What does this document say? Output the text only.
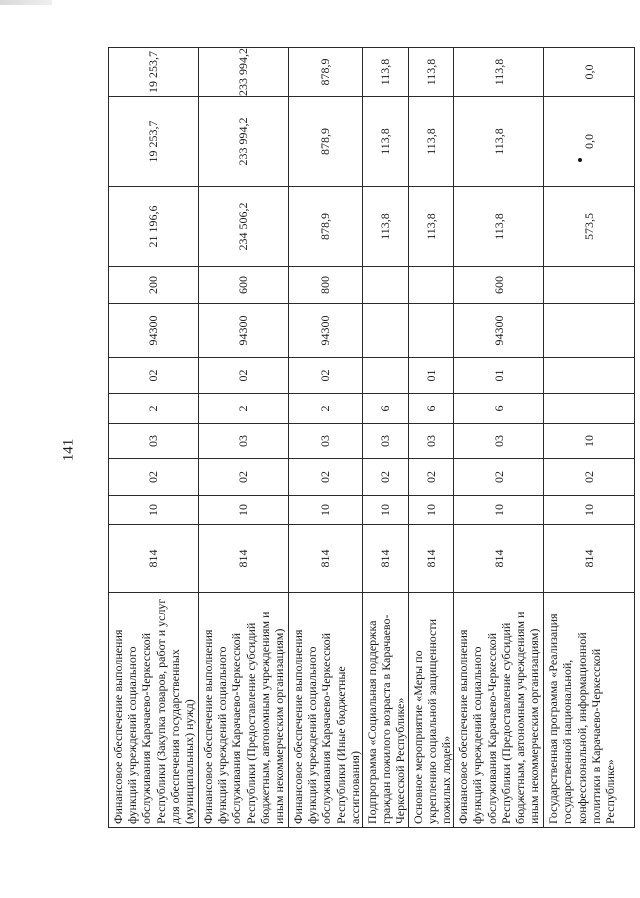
141
Финансовое обеспечение выполнения функций учреждений социального обслуживания Карачаево-Черкесской Республики (Закупка товаров, работ и услуг для обеспечения государственных (муниципальных) нужд)	814	10	02	03	2	02	94300	200	21 196,6	19 253,7	19 253,7
Финансовое обеспечение выполнения функций учреждений социального обслуживания Карачаево-Черкесской Республики (Предоставление субсидий бюджетным, автономным учреждениям и иным некоммерческим организациям)	814	10	02	03	2	02	94300	600	234 506,2	233 994,2	233 994,2
Финансовое обеспечение выполнения функций учреждений социального обслуживания Карачаево-Черкесской Республики (Иные бюджетные ассигнования)	814	10	02	03	2	02	94300	800	878,9	878,9	878,9
Подпрограмма «Социальная поддержка граждан пожилого возраста в Карачаево-Черкесской Республике»	814	10	02	03	6				113,8	113,8	113,8
Основное мероприятие «Меры по укреплению социальной защищенности пожилых людей»	814	10	02	03	6	01			113,8	113,8	113,8
Финансовое обеспечение выполнения функций учреждений социального обслуживания Карачаево-Черкесской Республики (Предоставление субсидий бюджетным, автономным учреждениям и иным некоммерческим организациям)	814	10	02	03	6	01	94300	600	113,8	113,8	113,8
Государственная программа «Реализация государственной национальной, конфессиональной, информационной политики в Карачаево-Черкесской Республике»	814	10	02	10					573,5	0,0	0,0
